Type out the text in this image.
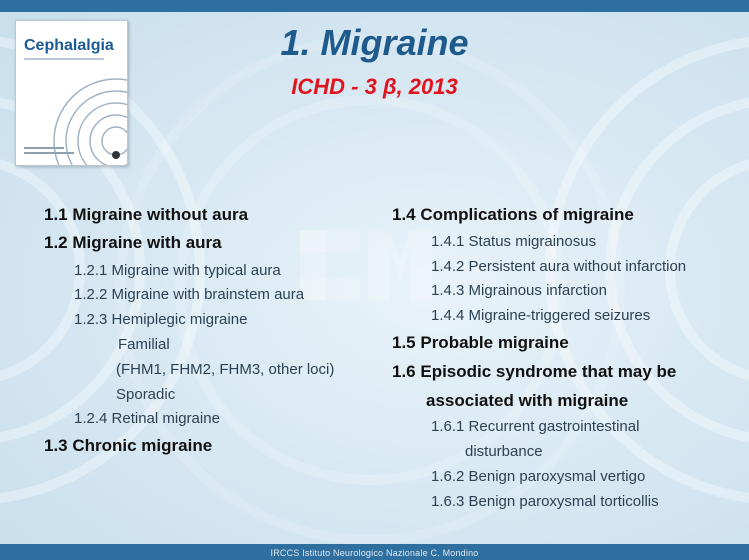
Cephalalgia	1. Migraine
ICHD - 3 β, 2013
1.1 Migraine without aura
1.2 Migraine with aura
1.2.1 Migraine with typical aura
1.2.2 Migraine with brainstem aura
1.2.3 Hemiplegic migraine
Familial
(FHM1, FHM2, FHM3, other loci)
Sporadic
1.2.4 Retinal migraine
1.3 Chronic migraine
1.4 Complications of migraine
1.4.1 Status migrainosus
1.4.2 Persistent aura without infarction
1.4.3 Migrainous infarction
1.4.4 Migraine-triggered seizures
1.5 Probable migraine
1.6 Episodic syndrome that may be
associated with migraine
1.6.1 Recurrent gastrointestinal
disturbance
1.6.2 Benign paroxysmal vertigo
1.6.3 Benign paroxysmal torticollis
IRCCS Istituto Neurologico Nazionale C. Mondino
